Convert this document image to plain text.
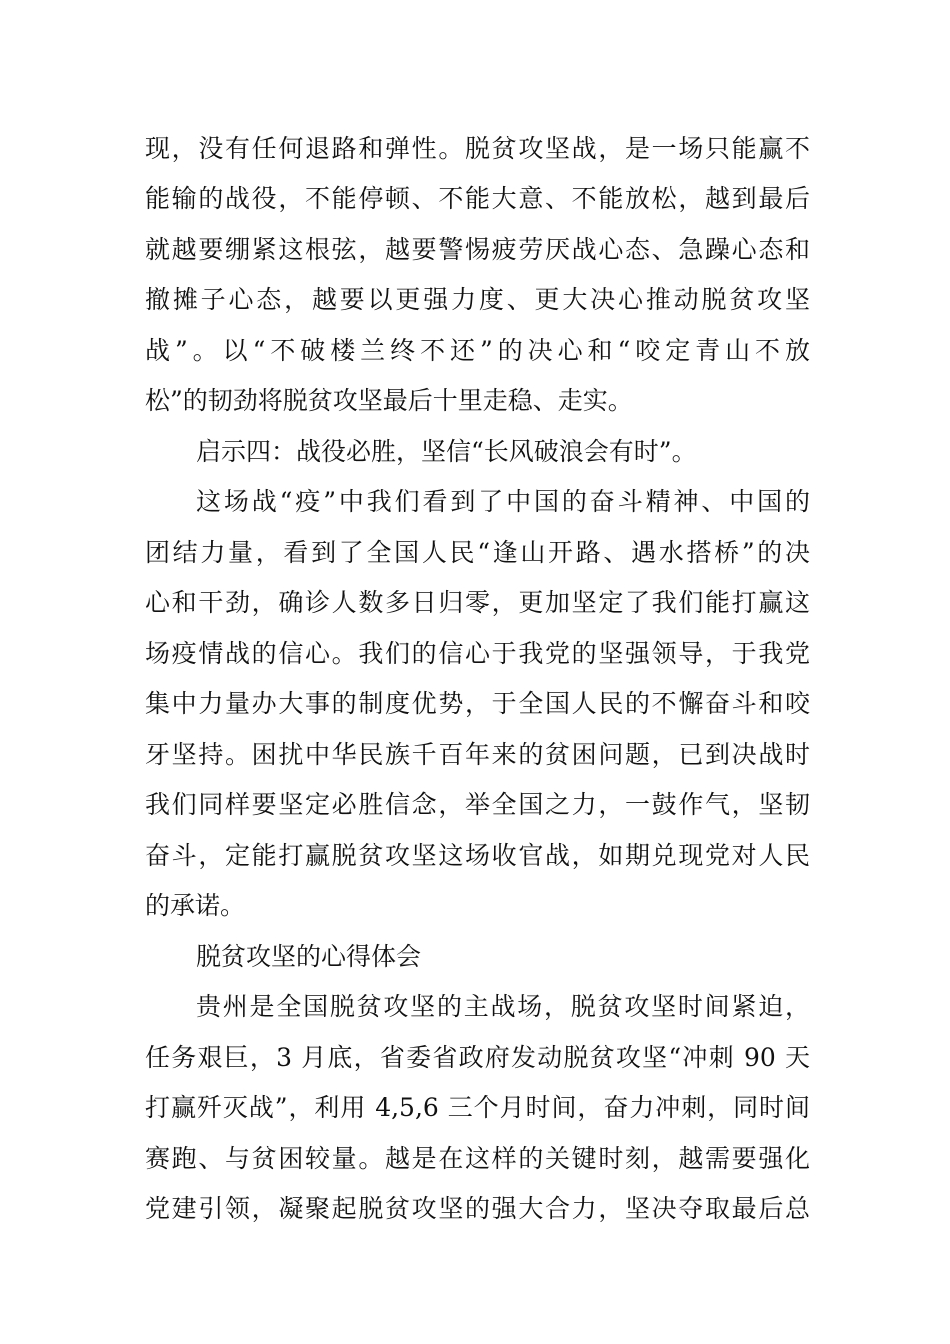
现，没有任何退路和弹性。脱贫攻坚战，是一场只能赢不
能输的战役，不能停顿、不能大意、不能放松，越到最后
就越要绷紧这根弦，越要警惕疲劳厌战心态、急躁心态和
撤摊子心态，越要以更强力度、更大决心推动脱贫攻坚
战”。以“不破楼兰终不还”的决心和“咬定青山不放
松”的韧劲将脱贫攻坚最后十里走稳、走实。
启示四：战役必胜，坚信“长风破浪会有时”。
这场战“疫”中我们看到了中国的奋斗精神、中国的
团结力量，看到了全国人民“逢山开路、遇水搭桥”的决
心和干劲，确诊人数多日归零，更加坚定了我们能打赢这
场疫情战的信心。我们的信心于我党的坚强领导，于我党
集中力量办大事的制度优势，于全国人民的不懈奋斗和咬
牙坚持。困扰中华民族千百年来的贫困问题，已到决战时
我们同样要坚定必胜信念，举全国之力，一鼓作气，坚韧
奋斗，定能打赢脱贫攻坚这场收官战，如期兑现党对人民
的承诺。
脱贫攻坚的心得体会
贵州是全国脱贫攻坚的主战场，脱贫攻坚时间紧迫，
任务艰巨，3 月底，省委省政府发动脱贫攻坚“冲刺 90 天
打赢歼灭战”，利用 4,5,6 三个月时间，奋力冲刺，同时间
赛跑、与贫困较量。越是在这样的关键时刻，越需要强化
党建引领，凝聚起脱贫攻坚的强大合力，坚决夺取最后总
